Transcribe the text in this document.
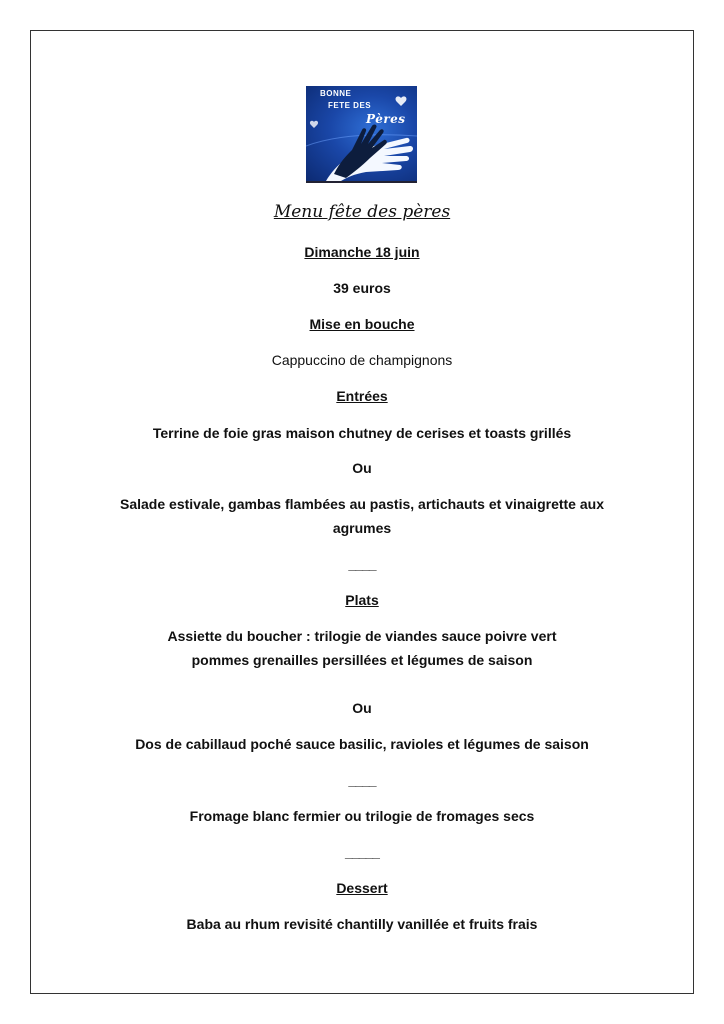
BONNE
FETE DES
Pères
Menu fête des pères
Dimanche 18 juin
39 euros
Mise en bouche
Cappuccino de champignons
Entrées
Terrine de foie gras maison chutney de cerises et toasts grillés
Ou
Salade estivale, gambas flambées au pastis, artichauts et vinaigrette aux
agrumes
____
Plats
Assiette du boucher : trilogie de viandes sauce poivre vert
pommes grenailles persillées et légumes de saison
Ou
Dos de cabillaud poché sauce basilic, ravioles et légumes de saison
____
Fromage blanc fermier ou trilogie de fromages secs
_____
Dessert
Baba au rhum revisité chantilly vanillée et fruits frais
